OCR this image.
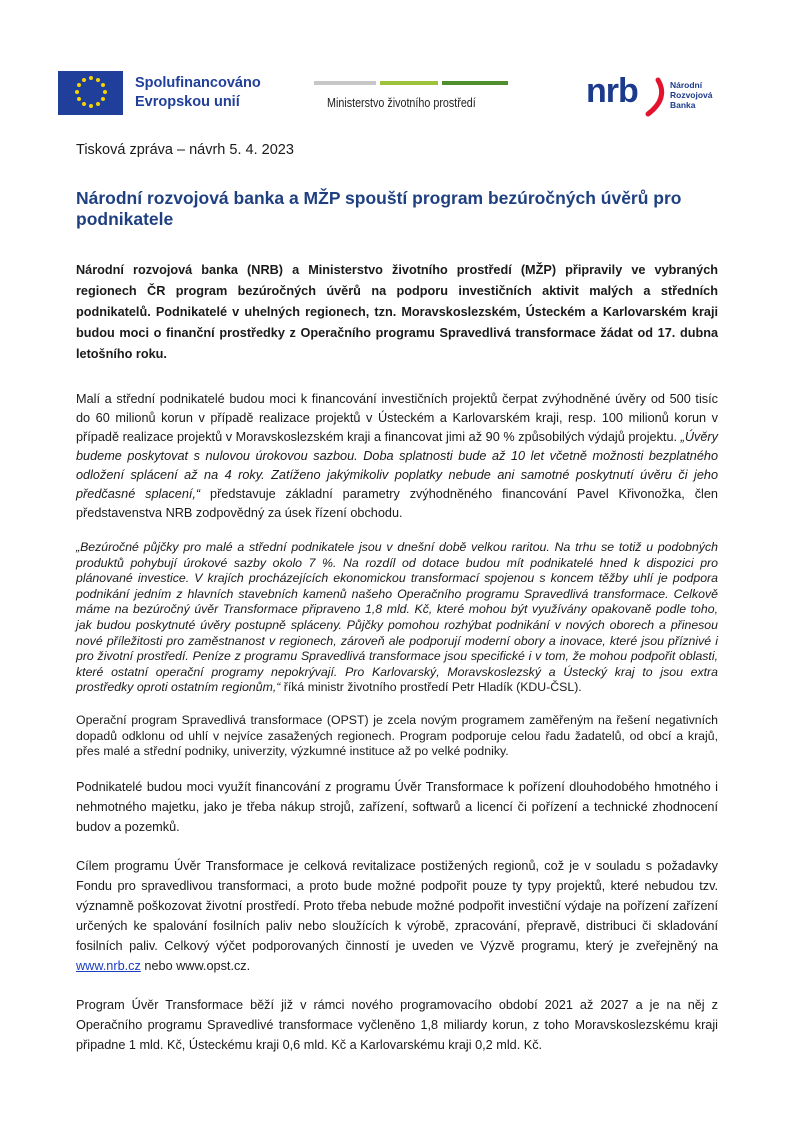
Spolufinancováno
Evropskou unií	Ministerstvo životního prostředí	nrb	Národní
Rozvojová
Banka
Tisková zpráva – návrh 5. 4. 2023
Národní rozvojová banka a MŽP spouští program bezúročných úvěrů pro podnikatele

Národní rozvojová banka (NRB) a Ministerstvo životního prostředí (MŽP) připravily ve vybraných regionech ČR program bezúročných úvěrů na podporu investičních aktivit malých a středních podnikatelů. Podnikatelé v uhelných regionech, tzn. Moravskoslezském, Ústeckém a Karlovarském kraji budou moci o finanční prostředky z Operačního programu Spravedlivá transformace žádat od 17. dubna letošního roku.

Malí a střední podnikatelé budou moci k financování investičních projektů čerpat zvýhodněné úvěry od 500 tisíc do 60 milionů korun v případě realizace projektů v Ústeckém a Karlovarském kraji, resp. 100 milionů korun v případě realizace projektů v Moravskoslezském kraji a financovat jimi až 90 % způsobilých výdajů projektu. „Úvěry budeme poskytovat s nulovou úrokovou sazbou. Doba splatnosti bude až 10 let včetně možnosti bezplatného odložení splácení až na 4 roky. Zatíženo jakýmikoliv poplatky nebude ani samotné poskytnutí úvěru či jeho předčasné splacení,“ představuje základní parametry zvýhodněného financování Pavel Křivonožka, člen představenstva NRB zodpovědný za úsek řízení obchodu.

„Bezúročné půjčky pro malé a střední podnikatele jsou v dnešní době velkou raritou. Na trhu se totiž u podobných produktů pohybují úrokové sazby okolo 7 %. Na rozdíl od dotace budou mít podnikatelé hned k dispozici pro plánované investice. V krajích procházejících ekonomickou transformací spojenou s koncem těžby uhlí je podpora podnikání jedním z hlavních stavebních kamenů našeho Operačního programu Spravedlivá transformace. Celkově máme na bezúročný úvěr Transformace připraveno 1,8 mld. Kč, které mohou být využívány opakovaně podle toho, jak budou poskytnuté úvěry postupně spláceny. Půjčky pomohou rozhýbat podnikání v nových oborech a přinesou nové příležitosti pro zaměstnanost v regionech, zároveň ale podporují moderní obory a inovace, které jsou příznivé i pro životní prostředí. Peníze z programu Spravedlivá transformace jsou specifické i v tom, že mohou podpořit oblasti, které ostatní operační programy nepokrývají. Pro Karlovarský, Moravskoslezský a Ústecký kraj to jsou extra prostředky oproti ostatním regionům,“ říká ministr životního prostředí Petr Hladík (KDU-ČSL).

Operační program Spravedlivá transformace (OPST) je zcela novým programem zaměřeným na řešení negativních dopadů odklonu od uhlí v nejvíce zasažených regionech. Program podporuje celou řadu žadatelů, od obcí a krajů, přes malé a střední podniky, univerzity, výzkumné instituce až po velké podniky.

Podnikatelé budou moci využít financování z programu Úvěr Transformace k pořízení dlouhodobého hmotného i nehmotného majetku, jako je třeba nákup strojů, zařízení, softwarů a licencí či pořízení a technické zhodnocení budov a pozemků.

Cílem programu Úvěr Transformace je celková revitalizace postižených regionů, což je v souladu s požadavky Fondu pro spravedlivou transformaci, a proto bude možné podpořit pouze ty typy projektů, které nebudou tzv. významně poškozovat životní prostředí. Proto třeba nebude možné podpořit investiční výdaje na pořízení zařízení určených ke spalování fosilních paliv nebo sloužících k výrobě, zpracování, přepravě, distribuci či skladování fosilních paliv. Celkový výčet podporovaných činností je uveden ve Výzvě programu, který je zveřejněný na www.nrb.cz nebo www.opst.cz.

Program Úvěr Transformace běží již v rámci nového programovacího období 2021 až 2027 a je na něj z Operačního programu Spravedlivé transformace vyčleněno 1,8 miliardy korun, z toho Moravskoslezskému kraji připadne 1 mld. Kč, Ústeckému kraji 0,6 mld. Kč a Karlovarskému kraji 0,2 mld. Kč.
